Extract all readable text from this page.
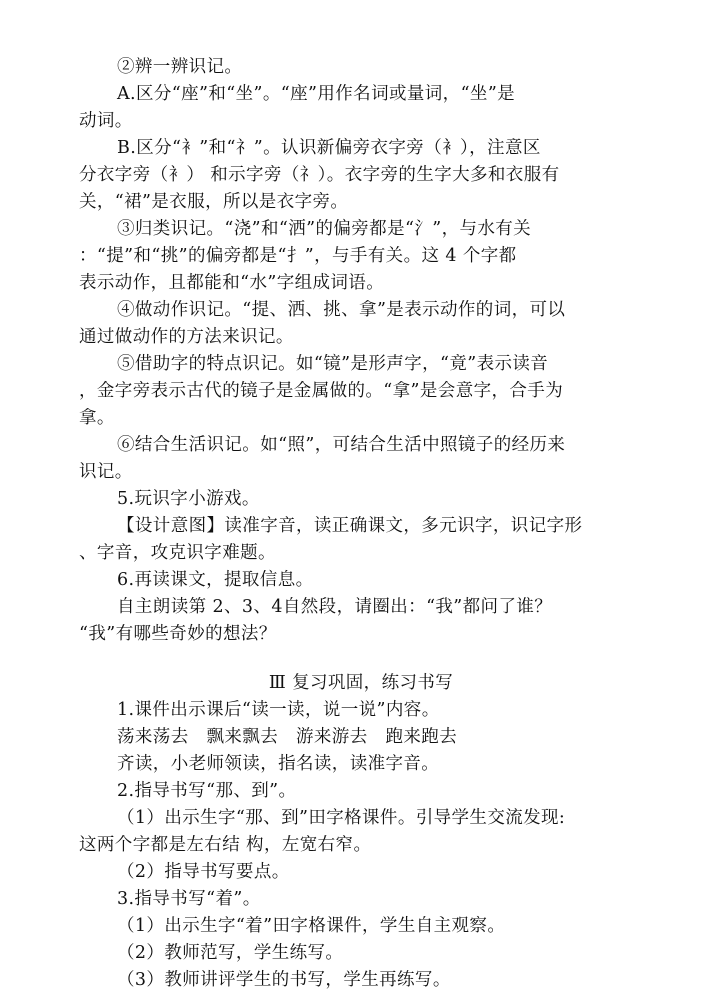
②辨一辨识记。
A.区分“座”和“坐”。“座”用作名词或量词，“坐”是
动词。
B.区分“衤”和“礻”。认识新偏旁衣字旁（衤），注意区
分衣字旁（衤） 和示字旁（礻）。衣字旁的生字大多和衣服有
关，“裙”是衣服，所以是衣字旁。
③归类识记。“浇”和“洒”的偏旁都是“氵”，与水有关
：“提”和“挑”的偏旁都是“扌”，与手有关。这 4 个字都
表示动作，且都能和“水”字组成词语。
④做动作识记。“提、洒、挑、拿”是表示动作的词，可以
通过做动作的方法来识记。
⑤借助字的特点识记。如“镜”是形声字，“竟”表示读音
，金字旁表示古代的镜子是金属做的。“拿”是会意字，合手为
拿。
⑥结合生活识记。如“照”，可结合生活中照镜子的经历来
识记。
5.玩识字小游戏。
【设计意图】读准字音，读正确课文，多元识字，识记字形
、字音，攻克识字难题。
6.再读课文，提取信息。
自主朗读第 2、3、4自然段，请圈出：“我”都问了谁？
“我”有哪些奇妙的想法？
Ⅲ 复习巩固，练习书写
1.课件出示课后“读一读，说一说”内容。
荡来荡去　飘来飘去　游来游去　跑来跑去
齐读，小老师领读，指名读，读准字音。
2.指导书写“那、到”。
（1）出示生字“那、到”田字格课件。引导学生交流发现:
这两个字都是左右结 构，左宽右窄。
（2）指导书写要点。
3.指导书写“着”。
（1）出示生字“着”田字格课件，学生自主观察。
（2）教师范写，学生练写。
（3）教师讲评学生的书写，学生再练写。
